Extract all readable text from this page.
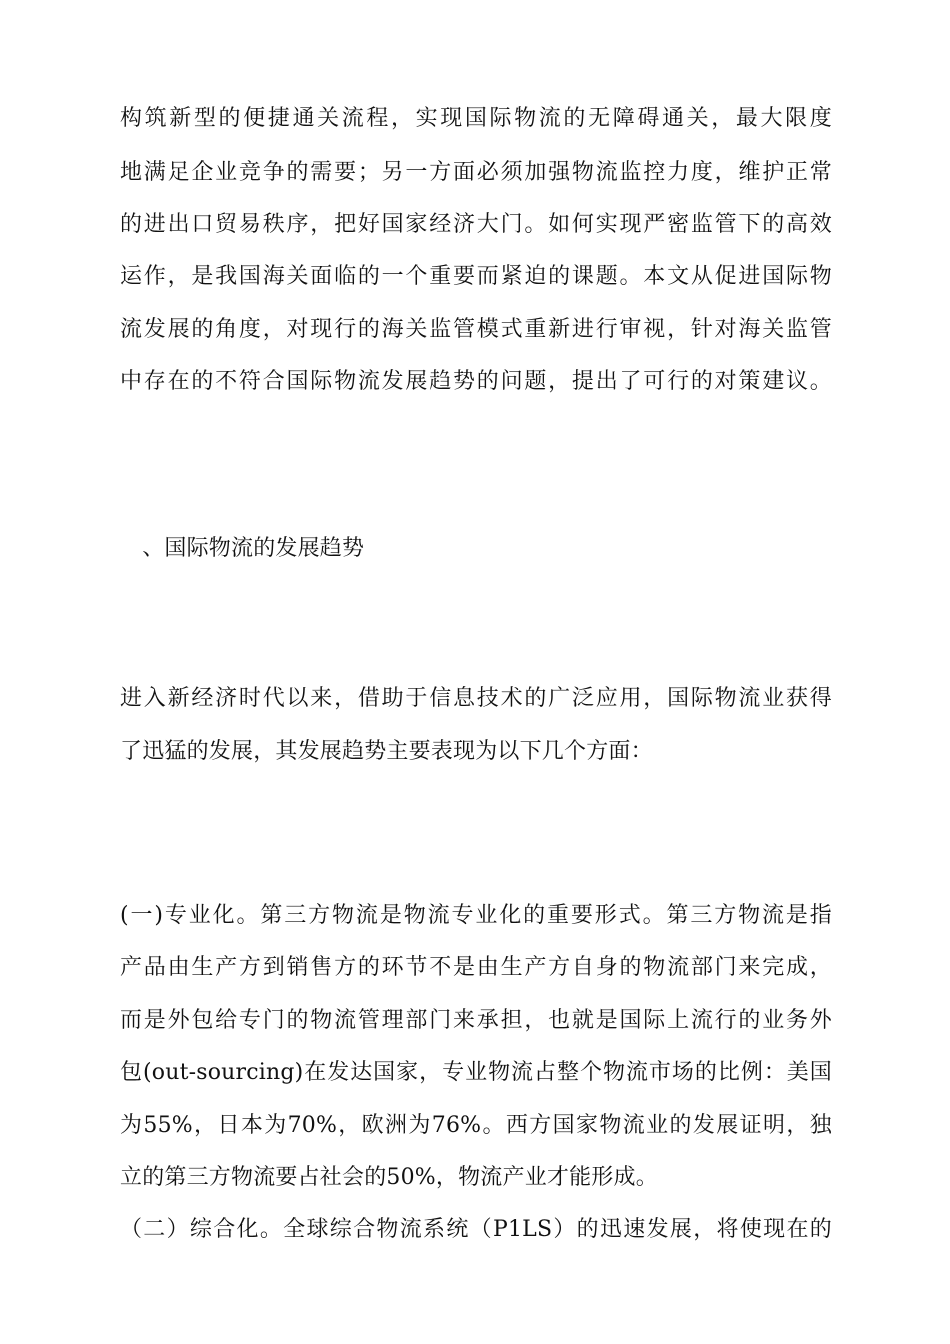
构筑新型的便捷通关流程，实现国际物流的无障碍通关，最大限度
地满足企业竞争的需要；另一方面必须加强物流监控力度，维护正常
的进出口贸易秩序，把好国家经济大门。如何实现严密监管下的高效
运作，是我国海关面临的一个重要而紧迫的课题。本文从促进国际物
流发展的角度，对现行的海关监管模式重新进行审视，针对海关监管
中存在的不符合国际物流发展趋势的问题，提出了可行的对策建议。
　、国际物流的发展趋势
进入新经济时代以来，借助于信息技术的广泛应用，国际物流业获得
了迅猛的发展，其发展趋势主要表现为以下几个方面：
(一)专业化。第三方物流是物流专业化的重要形式。第三方物流是指
产品由生产方到销售方的环节不是由生产方自身的物流部门来完成，
而是外包给专门的物流管理部门来承担，也就是国际上流行的业务外
包(out-sourcing)在发达国家，专业物流占整个物流市场的比例：美国
为55%，日本为70%，欧洲为76%。西方国家物流业的发展证明，独
立的第三方物流要占社会的50%，物流产业才能形成。
（二）综合化。全球综合物流系统（P1LS）的迅速发展，将使现在的
